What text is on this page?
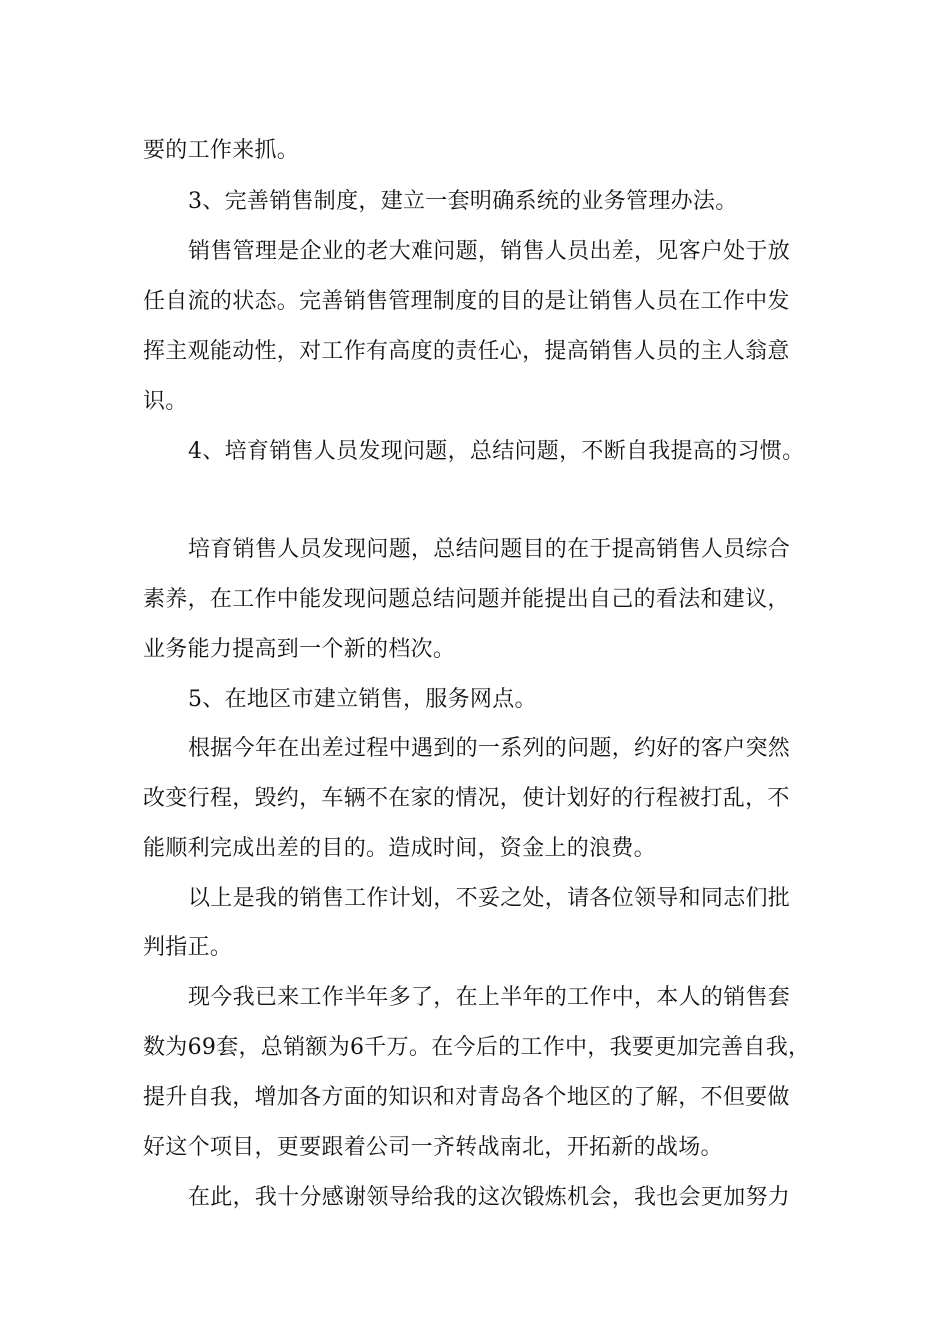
要的工作来抓。
3、完善销售制度，建立一套明确系统的业务管理办法。
销售管理是企业的老大难问题，销售人员出差，见客户处于放
任自流的状态。完善销售管理制度的目的是让销售人员在工作中发
挥主观能动性，对工作有高度的责任心，提高销售人员的主人翁意
识。
4、培育销售人员发现问题，总结问题，不断自我提高的习惯。
培育销售人员发现问题，总结问题目的在于提高销售人员综合
素养，在工作中能发现问题总结问题并能提出自己的看法和建议，
业务能力提高到一个新的档次。
5、在地区市建立销售，服务网点。
根据今年在出差过程中遇到的一系列的问题，约好的客户突然
改变行程，毁约，车辆不在家的情况，使计划好的行程被打乱，不
能顺利完成出差的目的。造成时间，资金上的浪费。
以上是我的销售工作计划，不妥之处，请各位领导和同志们批
判指正。
现今我已来工作半年多了，在上半年的工作中，本人的销售套
数为69套，总销额为6千万。在今后的工作中，我要更加完善自我，
提升自我，增加各方面的知识和对青岛各个地区的了解，不但要做
好这个项目，更要跟着公司一齐转战南北，开拓新的战场。
在此，我十分感谢领导给我的这次锻炼机会，我也会更加努力
